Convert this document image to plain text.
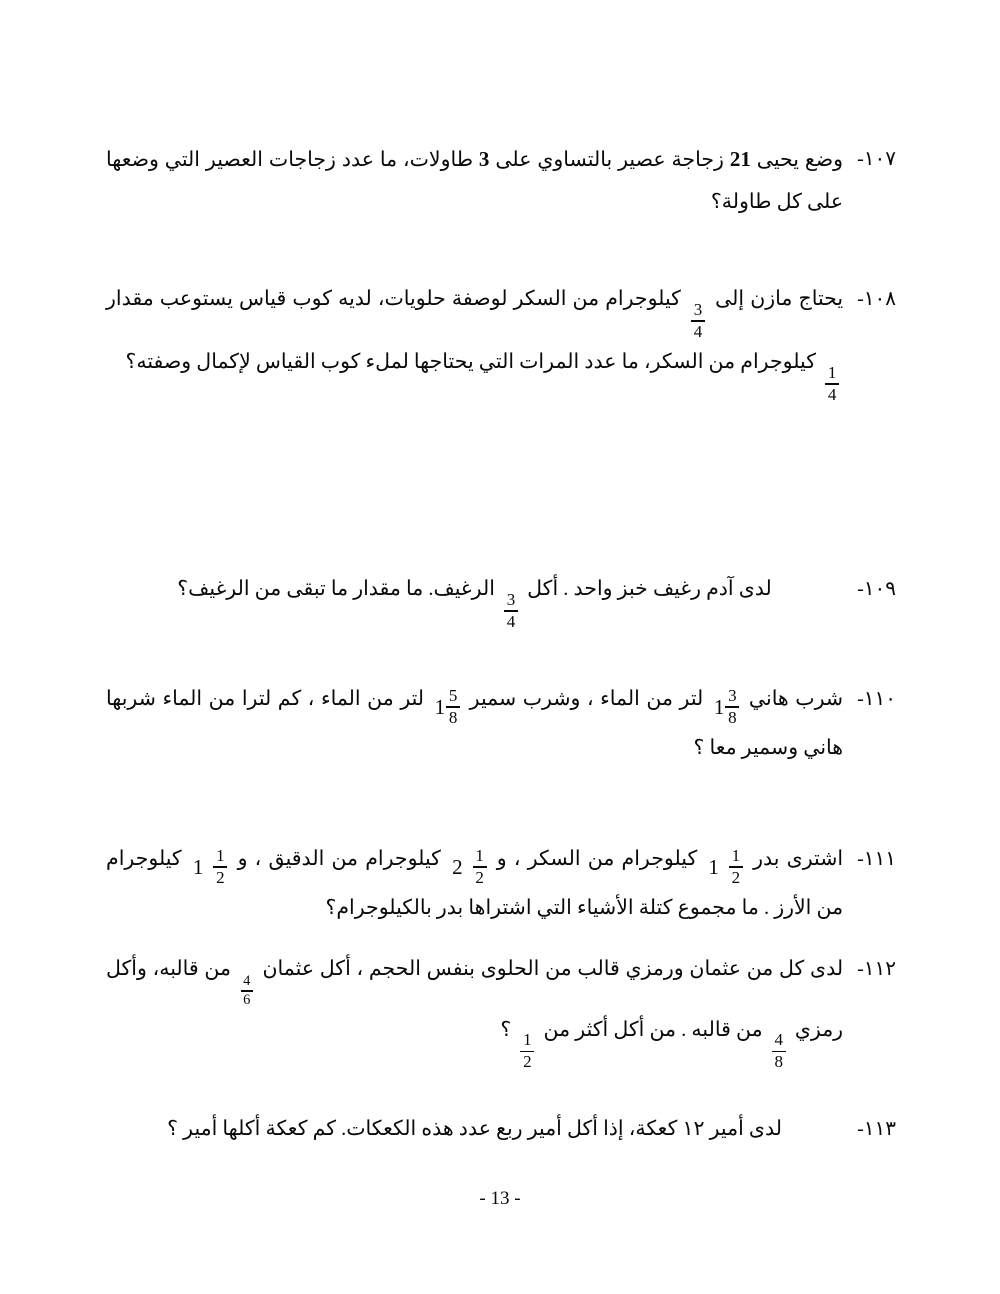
١٠٧-
وضع يحيى 21 زجاجة عصير بالتساوي على 3 طاولات، ما عدد زجاجات العصير التي وضعها على كل طاولة؟
١٠٨-
يحتاج مازن إلى
$\frac{3}{4}$
كيلوجرام من السكر لوصفة حلويات، لديه كوب قياس يستوعب مقدار
$\frac{1}{4}$
كيلوجرام من السكر، ما عدد المرات التي يحتاجها لملء كوب القياس لإكمال وصفته؟
١٠٩-
لدى آدم رغيف خبز واحد . أكل
$\frac{3}{4}$
الرغيف. ما مقدار ما تبقى من الرغيف؟
١١٠-
شرب هاني
$1 \frac{3}{8}$
لتر من الماء ، وشرب سمير
$1 \frac{5}{8}$
لتر من الماء ، كم لترا من الماء شربها هاني وسمير معا ؟
١١١-
اشترى بدر
$1 \frac{1}{2}$
كيلوجرام من السكر ، و
$2 \frac{1}{2}$
كيلوجرام من الدقيق ، و
$1 \frac{1}{2}$
كيلوجرام من الأرز . ما مجموع كتلة الأشياء التي اشتراها بدر بالكيلوجرام؟
١١٢-
لدى كل من عثمان ورمزي قالب من الحلوى بنفس الحجم ، أكل عثمان
$\frac{4}{6}$
من قالبه، وأكل رمزي
$\frac{4}{8}$
من قالبه . من أكل أكثر من
$\frac{1}{2}$
؟
١١٣-
لدى أمير ١٢ كعكة، إذا أكل أمير ربع عدد هذه الكعكات. كم كعكة أكلها أمير ؟
- 13 -
